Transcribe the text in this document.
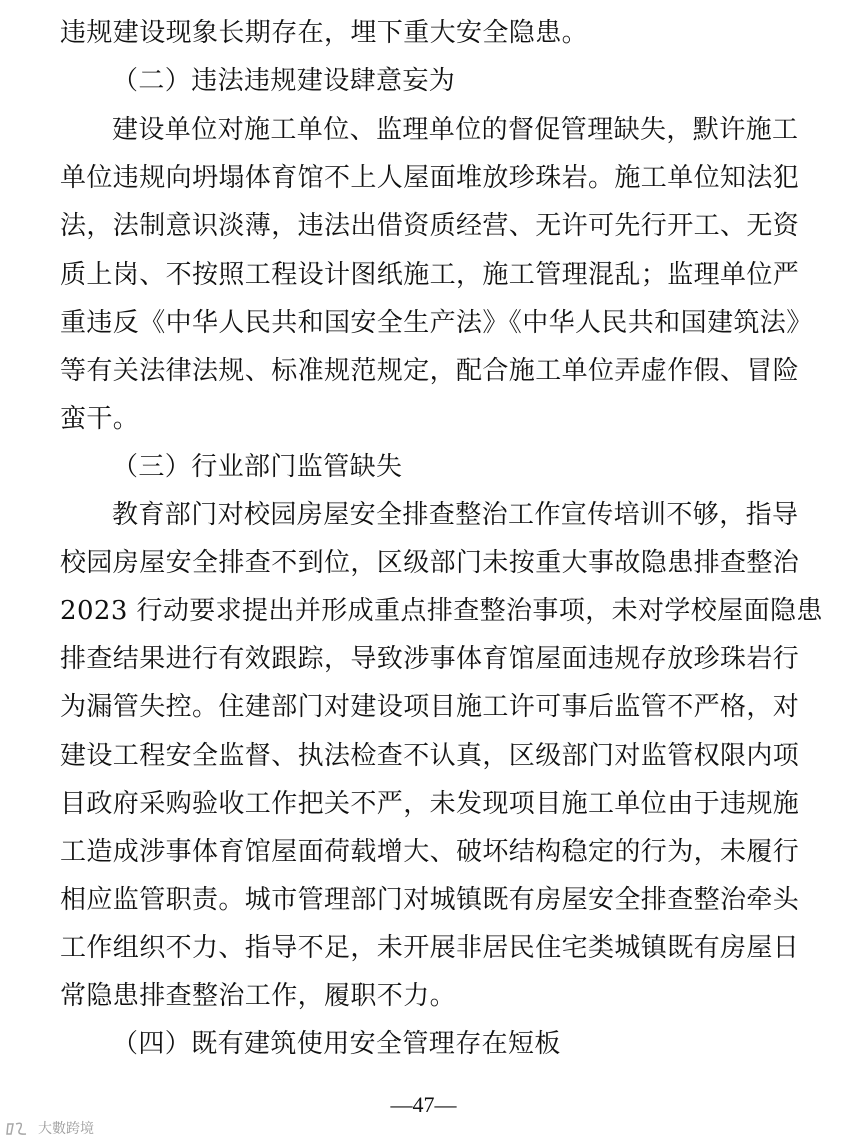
违规建设现象长期存在，埋下重大安全隐患。
（二）违法违规建设肆意妄为
建设单位对施工单位、监理单位的督促管理缺失，默许施工
单位违规向坍塌体育馆不上人屋面堆放珍珠岩。施工单位知法犯
法，法制意识淡薄，违法出借资质经营、无许可先行开工、无资
质上岗、不按照工程设计图纸施工，施工管理混乱；监理单位严
重违反《中华人民共和国安全生产法》《中华人民共和国建筑法》
等有关法律法规、标准规范规定，配合施工单位弄虚作假、冒险
蛮干。
（三）行业部门监管缺失
教育部门对校园房屋安全排查整治工作宣传培训不够，指导
校园房屋安全排查不到位，区级部门未按重大事故隐患排查整治
2023 行动要求提出并形成重点排查整治事项，未对学校屋面隐患
排查结果进行有效跟踪，导致涉事体育馆屋面违规存放珍珠岩行
为漏管失控。住建部门对建设项目施工许可事后监管不严格，对
建设工程安全监督、执法检查不认真，区级部门对监管权限内项
目政府采购验收工作把关不严，未发现项目施工单位由于违规施
工造成涉事体育馆屋面荷载增大、破坏结构稳定的行为，未履行
相应监管职责。城市管理部门对城镇既有房屋安全排查整治牵头
工作组织不力、指导不足，未开展非居民住宅类城镇既有房屋日
常隐患排查整治工作，履职不力。
（四）既有建筑使用安全管理存在短板
—47—
大數跨境
